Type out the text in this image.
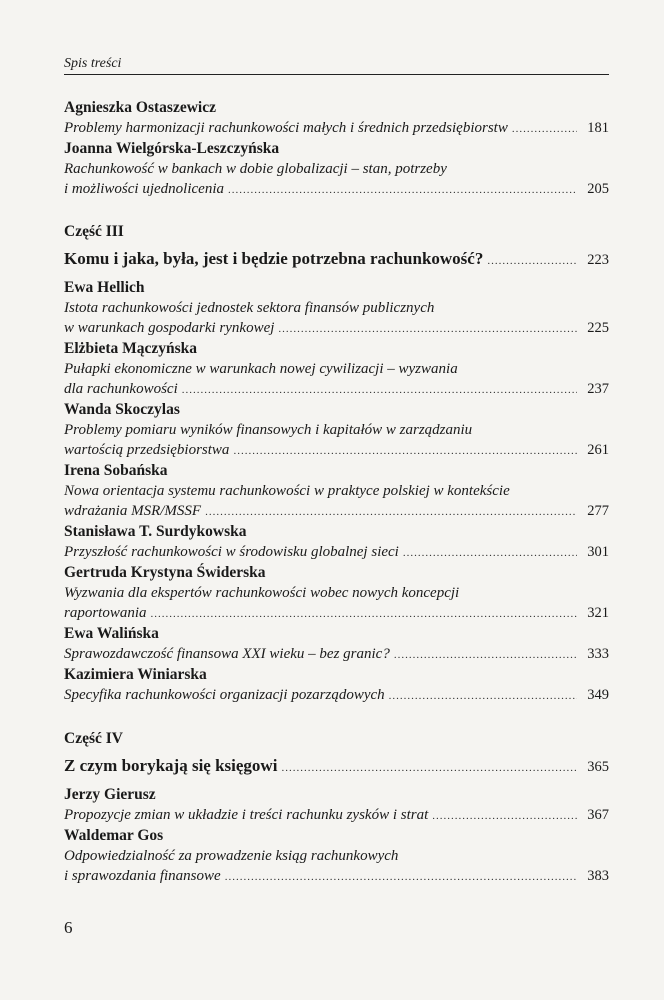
Spis treści
Agnieszka Ostaszewicz
Problemy harmonizacji rachunkowości małych i średnich przedsiębiorstw .....	181
Joanna Wielgórska-Leszczyńska
Rachunkowość w bankach w dobie globalizacji – stan, potrzeby
i możliwości ujednolicenia .....	205
Część III
Komu i jaka, była, jest i będzie potrzebna rachunkowość? .....	223
Ewa Hellich
Istota rachunkowości jednostek sektora finansów publicznych
w warunkach gospodarki rynkowej .....	225
Elżbieta Mączyńska
Pułapki ekonomiczne w warunkach nowej cywilizacji – wyzwania
dla rachunkowości .....	237
Wanda Skoczylas
Problemy pomiaru wyników finansowych i kapitałów w zarządzaniu
wartością przedsiębiorstwa .....	261
Irena Sobańska
Nowa orientacja systemu rachunkowości w praktyce polskiej w kontekście
wdrażania MSR/MSSF .....	277
Stanisława T. Surdykowska
Przyszłość rachunkowości w środowisku globalnej sieci .....	301
Gertruda Krystyna Świderska
Wyzwania dla ekspertów rachunkowości wobec nowych koncepcji
raportowania .....	321
Ewa Walińska
Sprawozdawczość finansowa XXI wieku – bez granic? .....	333
Kazimiera Winiarska
Specyfika rachunkowości organizacji pozarządowych .....	349
Część IV
Z czym borykają się księgowi .....	365
Jerzy Gierusz
Propozycje zmian w układzie i treści rachunku zysków i strat .....	367
Waldemar Gos
Odpowiedzialność za prowadzenie ksiąg rachunkowych
i sprawozdania finansowe .....	383
6
